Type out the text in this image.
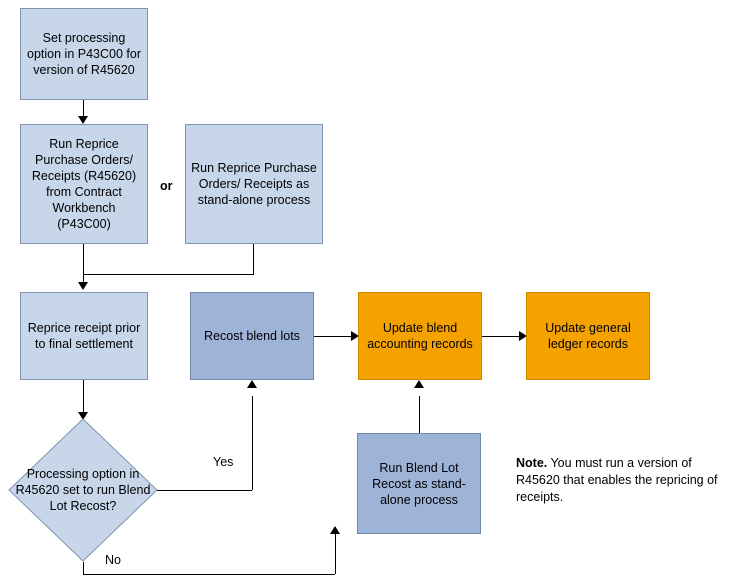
Set processing option in P43C00 for version of R45620
Run Reprice Purchase Orders/ Receipts (R45620) from Contract Workbench (P43C00)
or
Run Reprice Purchase Orders/ Receipts as stand-alone process
Reprice receipt prior to final settlement
Recost blend lots
Update blend accounting records
Update general ledger records
Processing option in R45620 set to run Blend Lot Recost?
Yes
No
Run Blend Lot Recost as stand-alone process
Note. You must run a version of R45620 that enables the repricing of receipts.
